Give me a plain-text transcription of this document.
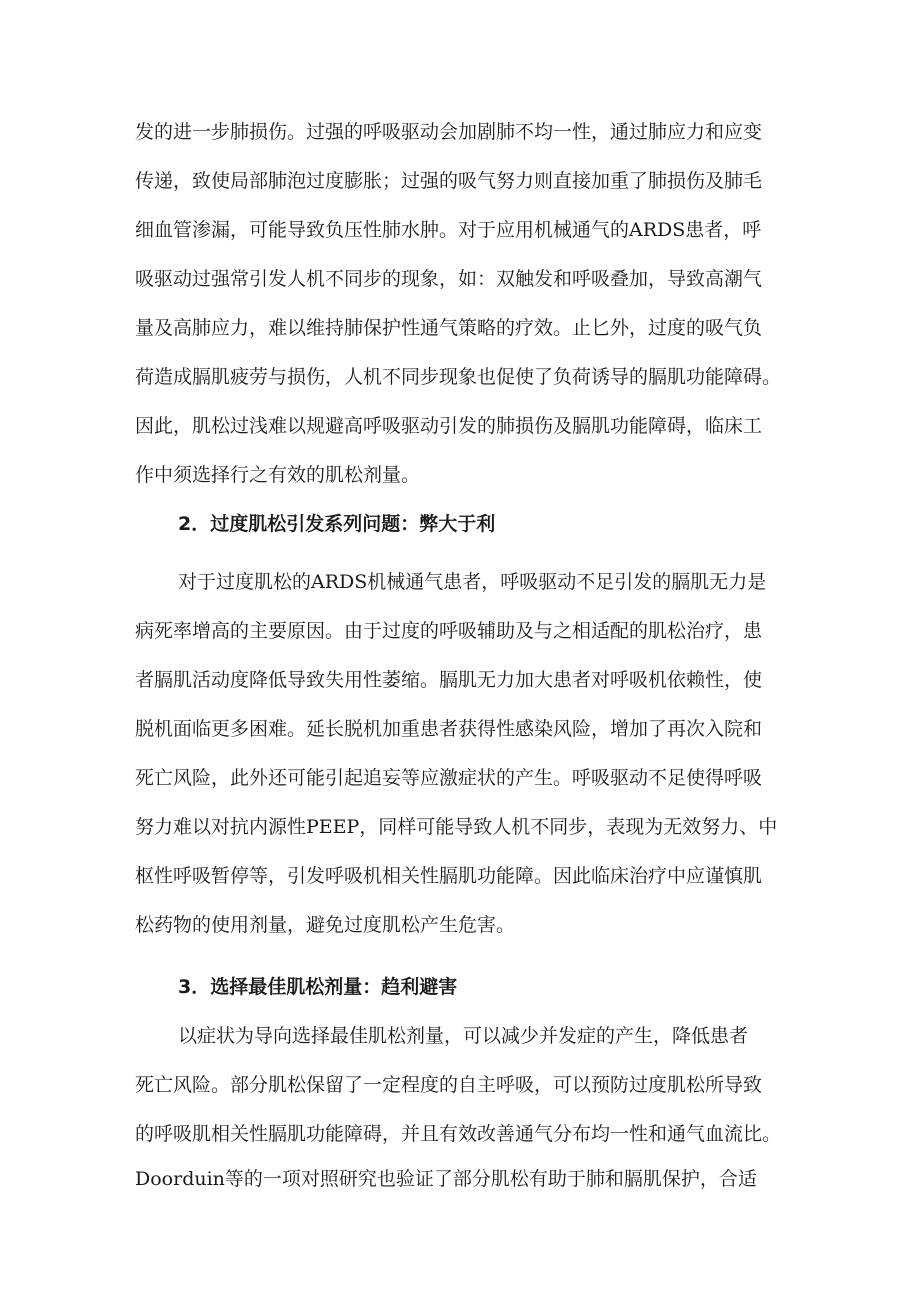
发的进一步肺损伤。过强的呼吸驱动会加剧肺不均一性，通过肺应力和应变
传递，致使局部肺泡过度膨胀；过强的吸气努力则直接加重了肺损伤及肺毛
细血管渗漏，可能导致负压性肺水肿。对于应用机械通气的ARDS患者，呼
吸驱动过强常引发人机不同步的现象，如：双触发和呼吸叠加，导致高潮气
量及高肺应力，难以维持肺保护性通气策略的疗效。止匕外，过度的吸气负
荷造成膈肌疲劳与损伤，人机不同步现象也促使了负荷诱导的膈肌功能障碍。
因此，肌松过浅难以规避高呼吸驱动引发的肺损伤及膈肌功能障碍，临床工
作中须选择行之有效的肌松剂量。
2．过度肌松引发系列问题：弊大于利
对于过度肌松的ARDS机械通气患者，呼吸驱动不足引发的膈肌无力是
病死率增高的主要原因。由于过度的呼吸辅助及与之相适配的肌松治疗，患
者膈肌活动度降低导致失用性萎缩。膈肌无力加大患者对呼吸机依赖性，使
脱机面临更多困难。延长脱机加重患者获得性感染风险，增加了再次入院和
死亡风险，此外还可能引起追妄等应激症状的产生。呼吸驱动不足使得呼吸
努力难以对抗内源性PEEP，同样可能导致人机不同步，表现为无效努力、中
枢性呼吸暂停等，引发呼吸机相关性膈肌功能障。因此临床治疗中应谨慎肌
松药物的使用剂量，避免过度肌松产生危害。
3．选择最佳肌松剂量：趋利避害
以症状为导向选择最佳肌松剂量，可以减少并发症的产生，降低患者
死亡风险。部分肌松保留了一定程度的自主呼吸，可以预防过度肌松所导致
的呼吸肌相关性膈肌功能障碍，并且有效改善通气分布均一性和通气血流比。
Doorduin等的一项对照研究也验证了部分肌松有助于肺和膈肌保护，合适
